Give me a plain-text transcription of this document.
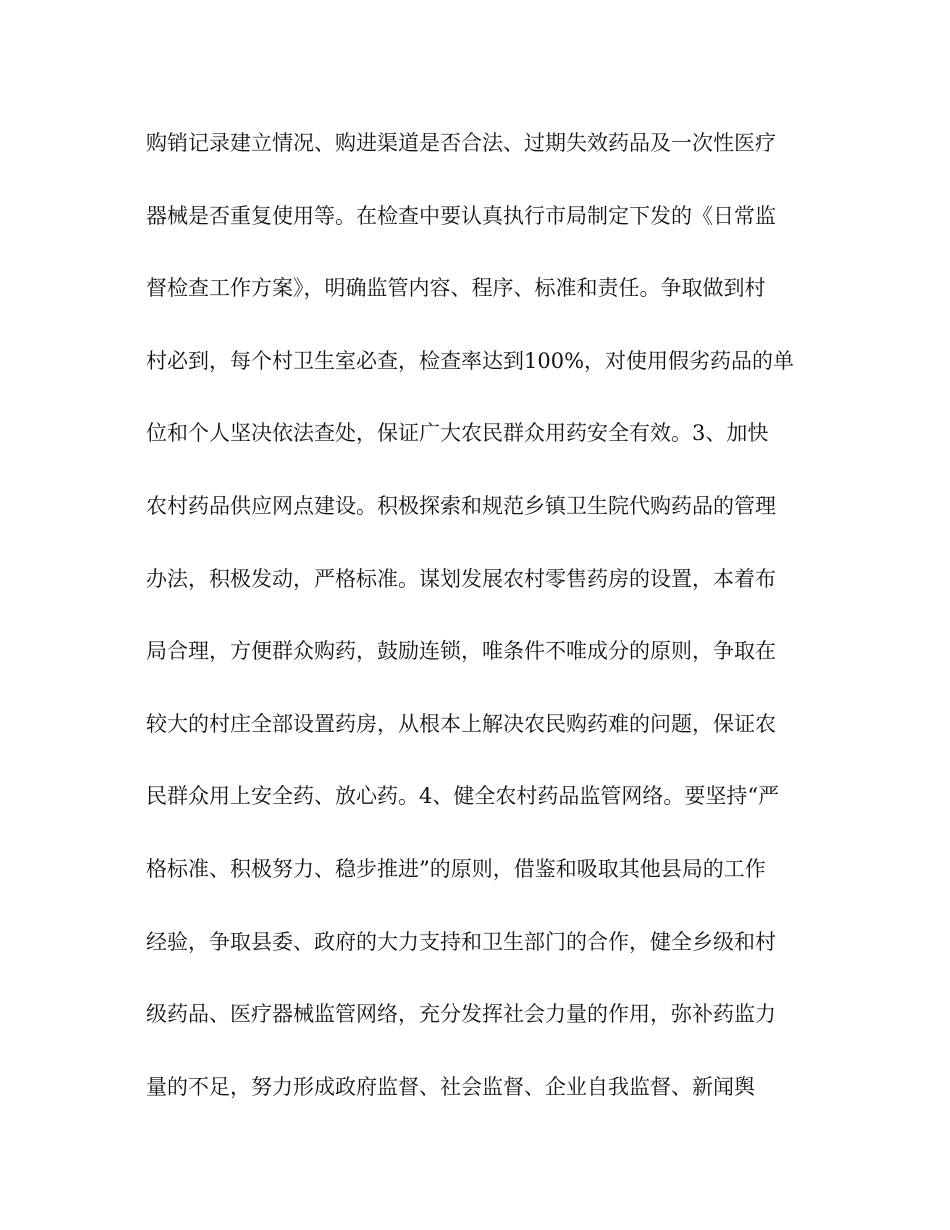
购销记录建立情况、购进渠道是否合法、过期失效药品及一次性医疗
器械是否重复使用等。在检查中要认真执行市局制定下发的《日常监
督检查工作方案》，明确监管内容、程序、标准和责任。争取做到村
村必到，每个村卫生室必查，检查率达到100%，对使用假劣药品的单
位和个人坚决依法查处，保证广大农民群众用药安全有效。3、加快
农村药品供应网点建设。积极探索和规范乡镇卫生院代购药品的管理
办法，积极发动，严格标准。谋划发展农村零售药房的设置，本着布
局合理，方便群众购药，鼓励连锁，唯条件不唯成分的原则，争取在
较大的村庄全部设置药房，从根本上解决农民购药难的问题，保证农
民群众用上安全药、放心药。4、健全农村药品监管网络。要坚持“严
格标准、积极努力、稳步推进”的原则，借鉴和吸取其他县局的工作
经验，争取县委、政府的大力支持和卫生部门的合作，健全乡级和村
级药品、医疗器械监管网络，充分发挥社会力量的作用，弥补药监力
量的不足，努力形成政府监督、社会监督、企业自我监督、新闻舆
